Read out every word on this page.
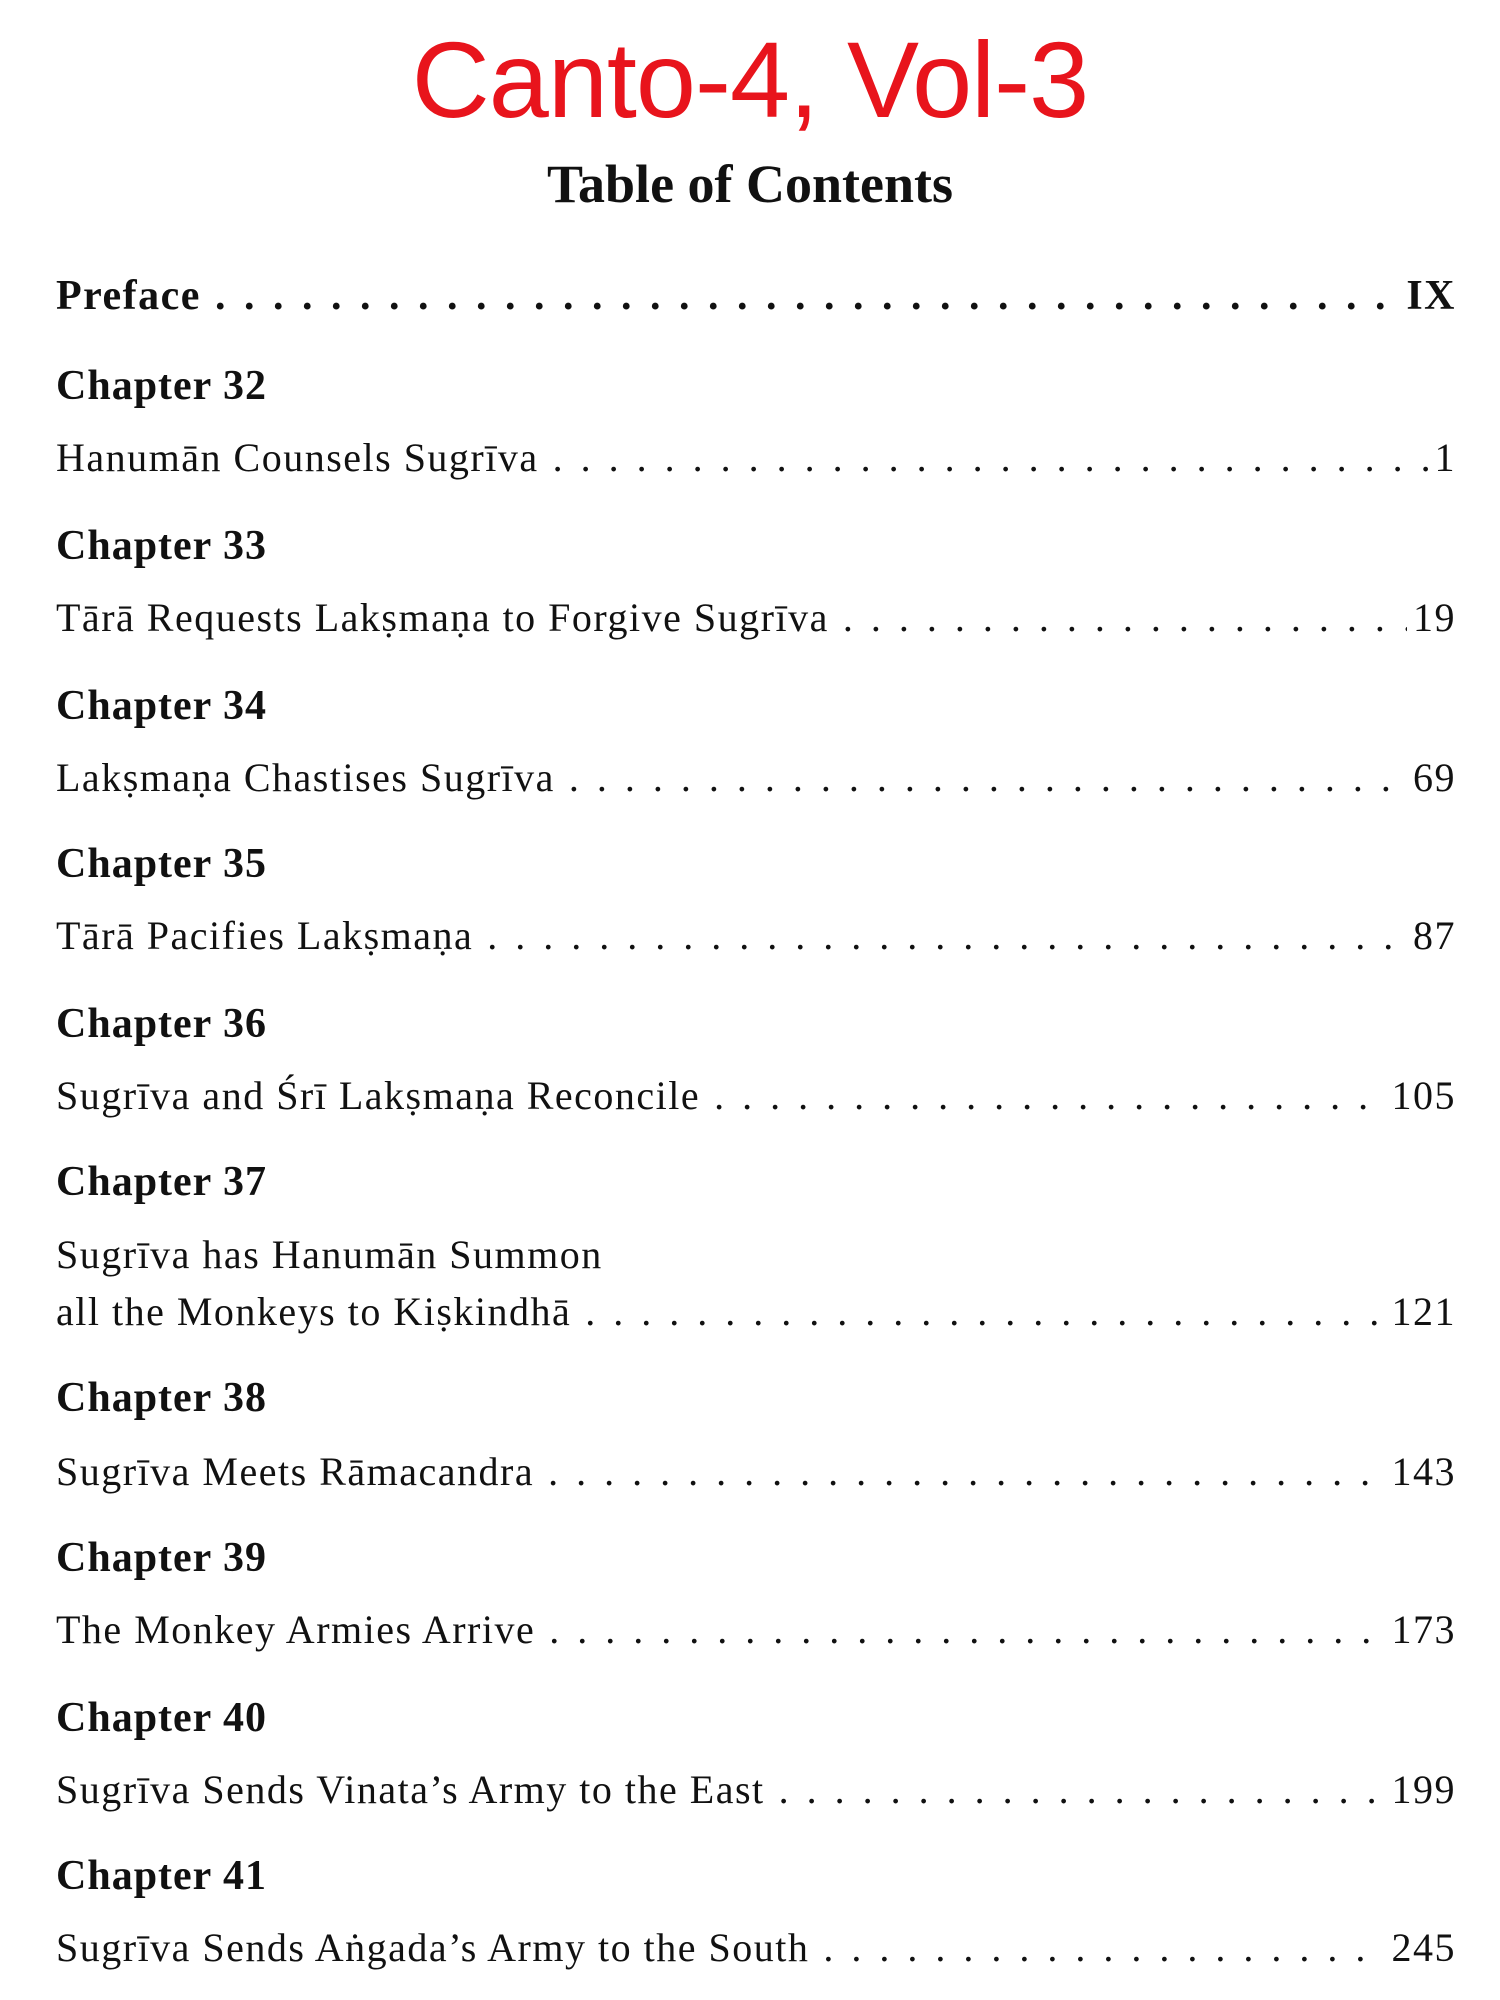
Canto-4, Vol-3
Table of Contents
Preface . . .	IX
Chapter 32
Hanumān Counsels Sugrīva . . .	1
Chapter 33
Tārā Requests Lakṣmaṇa to Forgive Sugrīva . . .	19
Chapter 34
Lakṣmaṇa Chastises Sugrīva . . .	69
Chapter 35
Tārā Pacifies Lakṣmaṇa . . .	87
Chapter 36
Sugrīva and Śrī Lakṣmaṇa Reconcile . . .	105
Chapter 37
Sugrīva has Hanumān Summon
all the Monkeys to Kiṣkindhā . . .	121
Chapter 38
Sugrīva Meets Rāmacandra . . .	143
Chapter 39
The Monkey Armies Arrive . . .	173
Chapter 40
Sugrīva Sends Vinata’s Army to the East . . .	199
Chapter 41
Sugrīva Sends Aṅgada’s Army to the South . . .	245
